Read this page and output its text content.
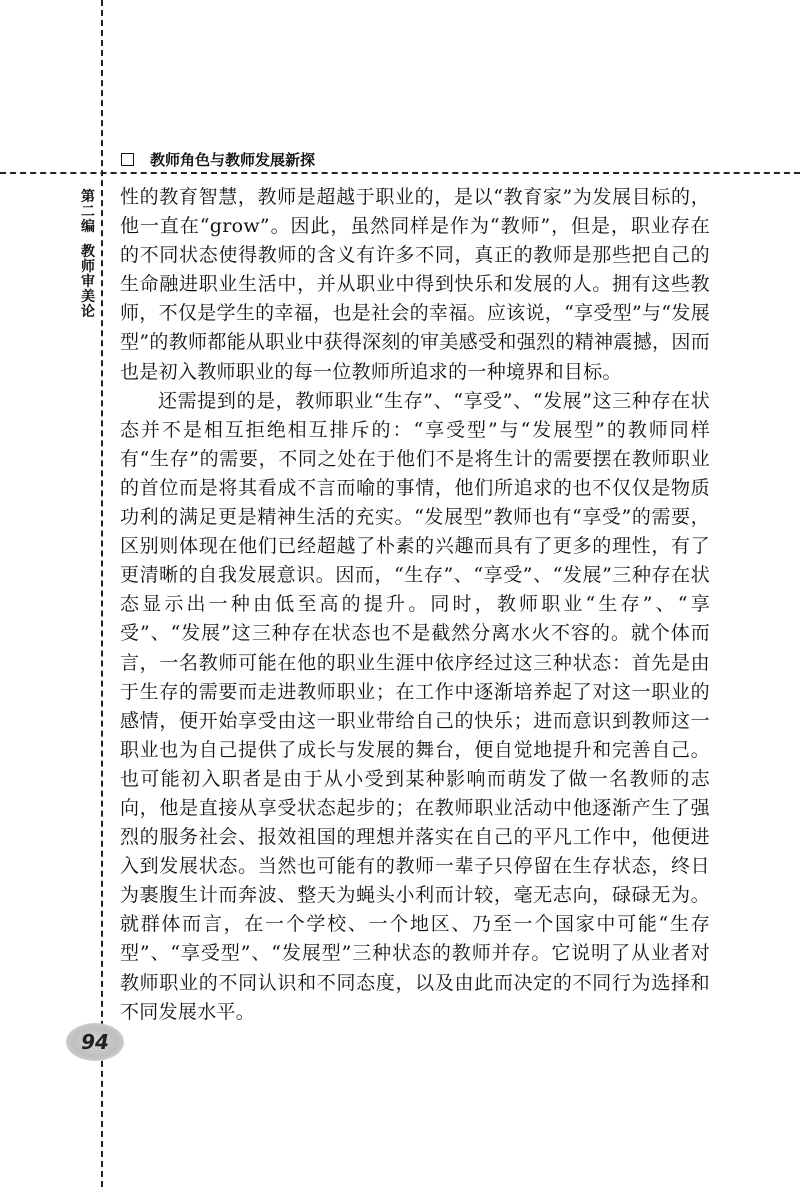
教师角色与教师发展新探
第二编
教师审美论

性的教育智慧，教师是超越于职业的，是以“教育家”为发展目标的，他一直在“grow”。因此，虽然同样是作为“教师”，但是，职业存在的不同状态使得教师的含义有许多不同，真正的教师是那些把自己的生命融进职业生活中，并从职业中得到快乐和发展的人。拥有这些教师，不仅是学生的幸福，也是社会的幸福。应该说，“享受型”与“发展型”的教师都能从职业中获得深刻的审美感受和强烈的精神震撼，因而也是初入教师职业的每一位教师所追求的一种境界和目标。

还需提到的是，教师职业“生存”、“享受”、“发展”这三种存在状态并不是相互拒绝相互排斥的：“享受型”与“发展型”的教师同样有“生存”的需要，不同之处在于他们不是将生计的需要摆在教师职业的首位而是将其看成不言而喻的事情，他们所追求的也不仅仅是物质功利的满足更是精神生活的充实。“发展型”教师也有“享受”的需要，区别则体现在他们已经超越了朴素的兴趣而具有了更多的理性，有了更清晰的自我发展意识。因而，“生存”、“享受”、“发展”三种存在状态显示出一种由低至高的提升。同时，教师职业“生存”、“享受”、“发展”这三种存在状态也不是截然分离水火不容的。就个体而言，一名教师可能在他的职业生涯中依序经过这三种状态：首先是由于生存的需要而走进教师职业；在工作中逐渐培养起了对这一职业的感情，便开始享受由这一职业带给自己的快乐；进而意识到教师这一职业也为自己提供了成长与发展的舞台，便自觉地提升和完善自己。也可能初入职者是由于从小受到某种影响而萌发了做一名教师的志向，他是直接从享受状态起步的；在教师职业活动中他逐渐产生了强烈的服务社会、报效祖国的理想并落实在自己的平凡工作中，他便进入到发展状态。当然也可能有的教师一辈子只停留在生存状态，终日为裹腹生计而奔波、整天为蝇头小利而计较，毫无志向，碌碌无为。就群体而言，在一个学校、一个地区、乃至一个国家中可能“生存型”、“享受型”、“发展型”三种状态的教师并存。它说明了从业者对教师职业的不同认识和不同态度，以及由此而决定的不同行为选择和不同发展水平。

94
